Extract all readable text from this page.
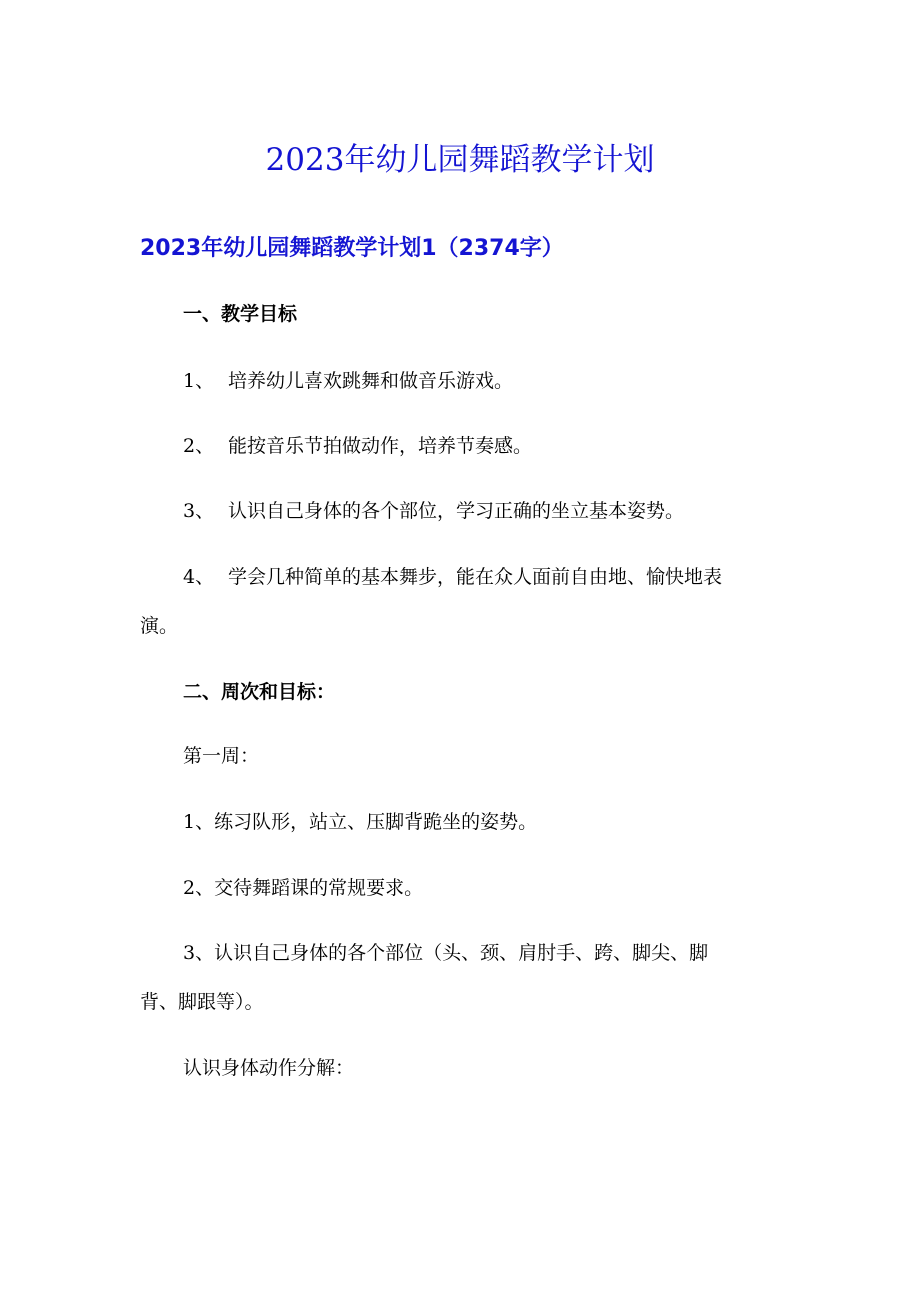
2023年幼儿园舞蹈教学计划
2023年幼儿园舞蹈教学计划1（2374字）
一、教学目标
1、 培养幼儿喜欢跳舞和做音乐游戏。
2、 能按音乐节拍做动作，培养节奏感。
3、 认识自己身体的各个部位，学习正确的坐立基本姿势。
4、 学会几种简单的基本舞步，能在众人面前自由地、愉快地表
演。
二、周次和目标：
第一周：
1、练习队形，站立、压脚背跪坐的姿势。
2、交待舞蹈课的常规要求。
3、认识自己身体的各个部位（头、颈、肩肘手、跨、脚尖、脚
背、脚跟等）。
认识身体动作分解：
